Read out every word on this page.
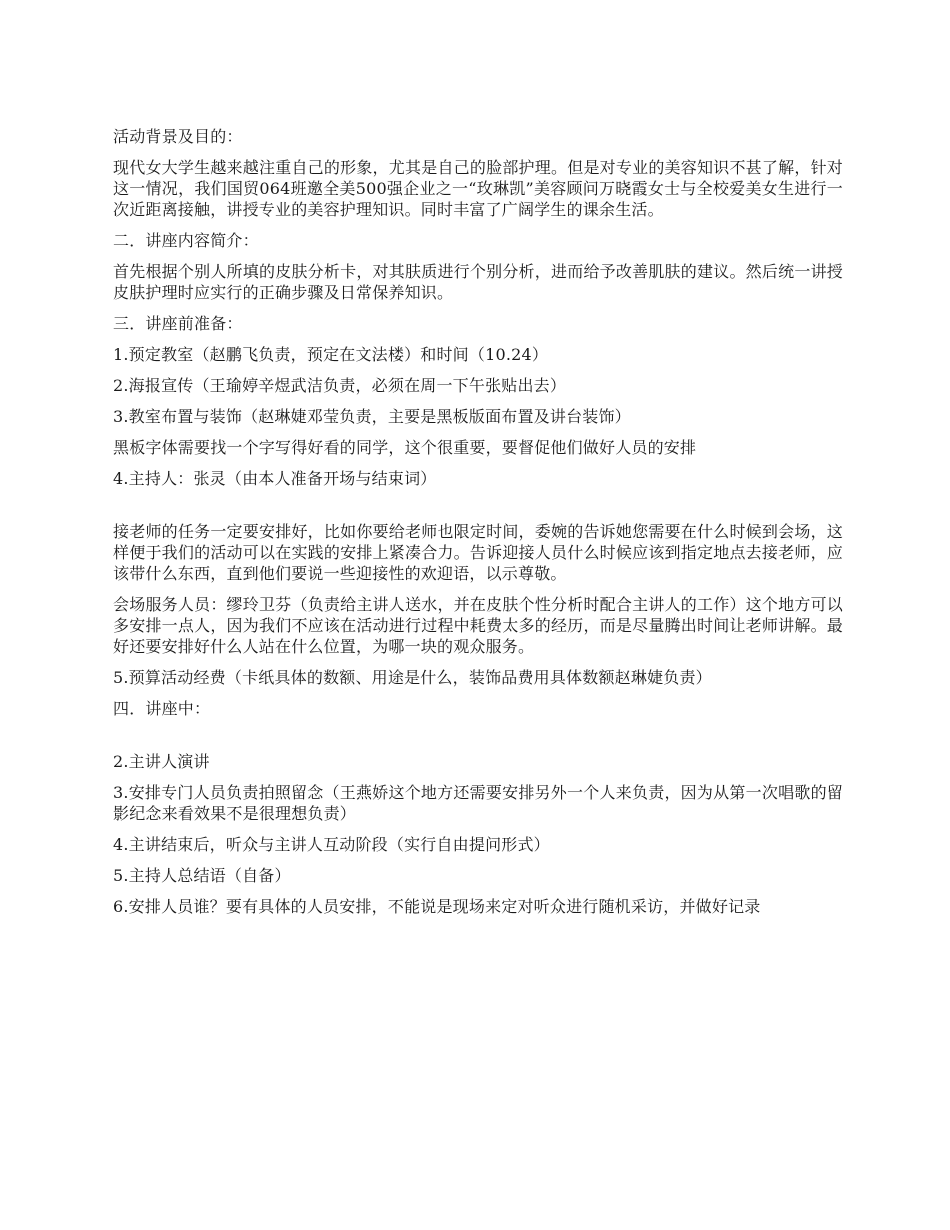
活动背景及目的：

现代女大学生越来越注重自己的形象，尤其是自己的脸部护理。但是对专业的美容知识不甚了解，针对这一情况，我们国贸064班邀全美500强企业之一“玫琳凯”美容顾问万晓霞女士与全校爱美女生进行一次近距离接触，讲授专业的美容护理知识。同时丰富了广阔学生的课余生活。

二．讲座内容简介：

首先根据个别人所填的皮肤分析卡，对其肤质进行个别分析，进而给予改善肌肤的建议。然后统一讲授皮肤护理时应实行的正确步骤及日常保养知识。

三．讲座前准备：

1.预定教室（赵鹏飞负责，预定在文法楼）和时间（10.24）

2.海报宣传（王瑜婷辛煜武洁负责，必须在周一下午张贴出去）

3.教室布置与装饰（赵琳婕邓莹负责，主要是黑板版面布置及讲台装饰）

黑板字体需要找一个字写得好看的同学，这个很重要，要督促他们做好人员的安排

4.主持人：张灵（由本人准备开场与结束词）

接老师的任务一定要安排好，比如你要给老师也限定时间，委婉的告诉她您需要在什么时候到会场，这样便于我们的活动可以在实践的安排上紧凑合力。告诉迎接人员什么时候应该到指定地点去接老师，应该带什么东西，直到他们要说一些迎接性的欢迎语，以示尊敬。

会场服务人员：缪玲卫芬（负责给主讲人送水，并在皮肤个性分析时配合主讲人的工作）这个地方可以多安排一点人，因为我们不应该在活动进行过程中耗费太多的经历，而是尽量腾出时间让老师讲解。最好还要安排好什么人站在什么位置，为哪一块的观众服务。

5.预算活动经费（卡纸具体的数额、用途是什么，装饰品费用具体数额赵琳婕负责）

四．讲座中：

2.主讲人演讲

3.安排专门人员负责拍照留念（王燕娇这个地方还需要安排另外一个人来负责，因为从第一次唱歌的留影纪念来看效果不是很理想负责）

4.主讲结束后，听众与主讲人互动阶段（实行自由提问形式）

5.主持人总结语（自备）

6.安排人员谁？要有具体的人员安排，不能说是现场来定对听众进行随机采访，并做好记录
